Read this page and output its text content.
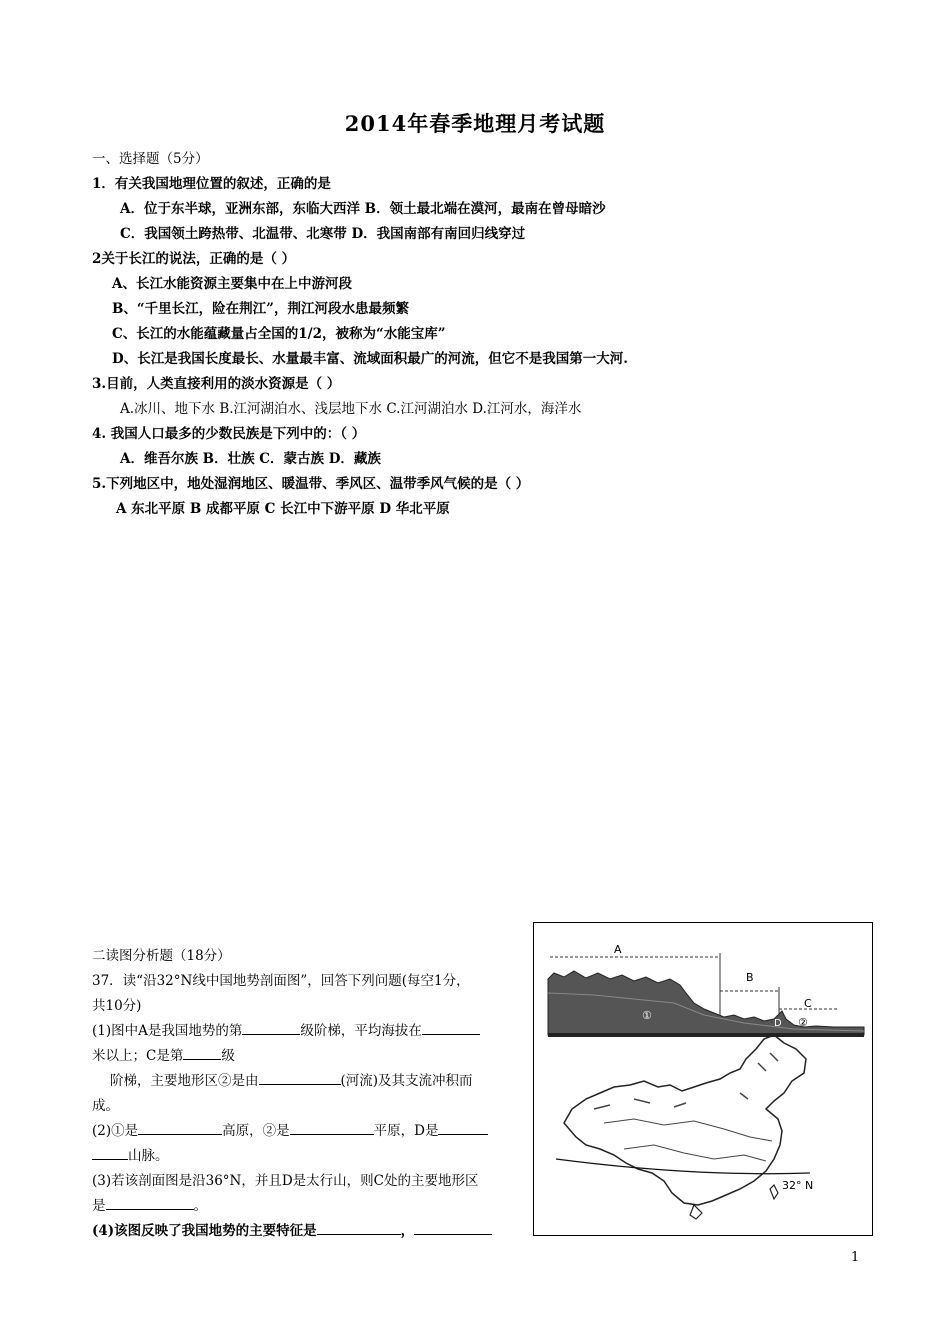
2014年春季地理月考试题
一、选择题（5分）
1．有关我国地理位置的叙述，正确的是
A．位于东半球，亚洲东部，东临大西洋 B．领土最北端在漠河，最南在曾母暗沙
C．我国领土跨热带、北温带、北寒带 D．我国南部有南回归线穿过
2关于长江的说法，正确的是（ ）
A、长江水能资源主要集中在上中游河段
B、“千里长江，险在荆江”，荆江河段水患最频繁
C、长江的水能蕴藏量占全国的1/2，被称为“水能宝库”
D、长江是我国长度最长、水量最丰富、流域面积最广的河流，但它不是我国第一大河.
3.目前，人类直接利用的淡水资源是（ ）
A.冰川、地下水 B.江河湖泊水、浅层地下水 C.江河湖泊水 D.江河水，海洋水
4. 我国人口最多的少数民族是下列中的：（ ）
A．维吾尔族 B．壮族 C．蒙古族 D．藏族
5.下列地区中，地处湿润地区、暖温带、季风区、温带季风气候的是（ ）
A 东北平原 B 成都平原 C 长江中下游平原 D 华北平原
二读图分析题（18分）
37．读“沿32°N线中国地势剖面图”，回答下列问题(每空1分，
共10分)
(1)图中A是我国地势的第	级阶梯，平均海拔在
米以上；C是第	级
阶梯，主要地形区②是由	(河流)及其支流冲积而
成。
(2)①是	高原，②是	平原，D是
山脉。
(3)若该剖面图是沿36°N，并且D是太行山，则C处的主要地形区
是	。
(4)该图反映了我国地势的主要特征是	，
A
B
C
D
①
②
32° N
1
